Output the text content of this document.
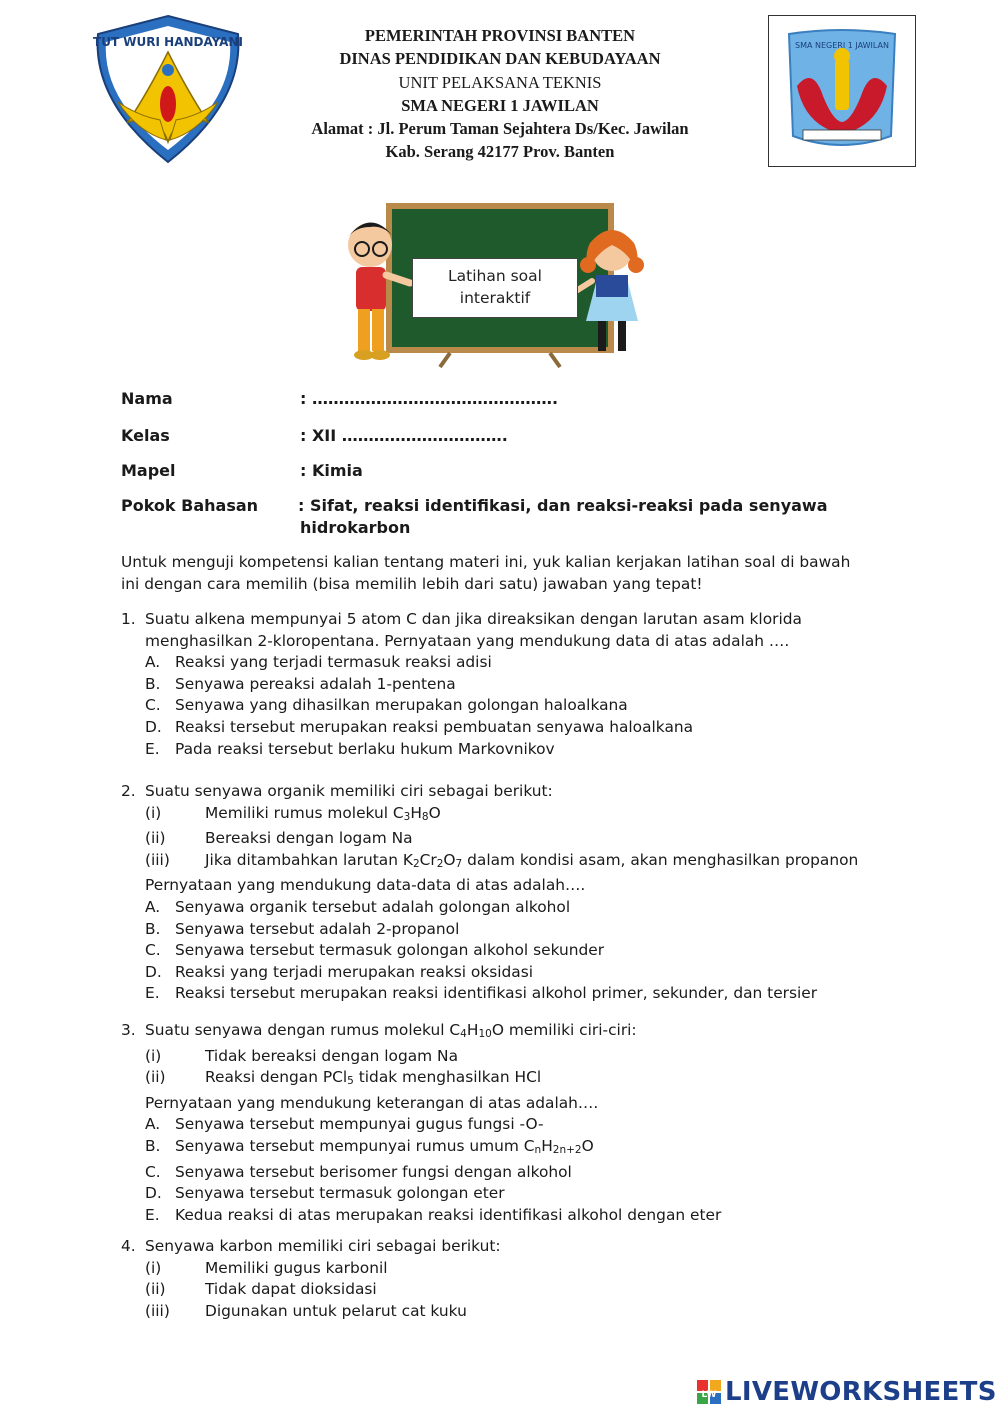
TUT WURI HANDAYANI	PEMERINTAH PROVINSI BANTEN
DINAS PENDIDIKAN DAN KEBUDAYAAN
UNIT PELAKSANA TEKNIS
SMA NEGERI 1 JAWILAN
Alamat : Jl. Perum Taman Sejahtera Ds/Kec. Jawilan
Kab. Serang 42177 Prov. Banten
SMA NEGERI 1 JAWILAN
Latihan soal
interaktif
Nama	: ……………………………………….
Kelas	: XII ………………………….
Mapel	: Kimia
Pokok Bahasan : Sifat, reaksi identifikasi, dan reaksi-reaksi pada senyawa
hidrokarbon
Untuk menguji kompetensi kalian tentang materi ini, yuk kalian kerjakan latihan soal di bawah
ini dengan cara memilih (bisa memilih lebih dari satu) jawaban yang tepat!
1. Suatu alkena mempunyai 5 atom C dan jika direaksikan dengan larutan asam klorida
menghasilkan 2-kloropentana. Pernyataan yang mendukung data di atas adalah ….
A. Reaksi yang terjadi termasuk reaksi adisi
B. Senyawa pereaksi adalah 1-pentena
C. Senyawa yang dihasilkan merupakan golongan haloalkana
D. Reaksi tersebut merupakan reaksi pembuatan senyawa haloalkana
E. Pada reaksi tersebut berlaku hukum Markovnikov
2. Suatu senyawa organik memiliki ciri sebagai berikut:
(i)	Memiliki rumus molekul $C_3H_8O$
(ii)	Bereaksi dengan logam Na
(iii)	Jika ditambahkan larutan $K_2Cr_2O_7$ dalam kondisi asam, akan menghasilkan propanon
Pernyataan yang mendukung data-data di atas adalah….
A. Senyawa organik tersebut adalah golongan alkohol
B. Senyawa tersebut adalah 2-propanol
C. Senyawa tersebut termasuk golongan alkohol sekunder
D. Reaksi yang terjadi merupakan reaksi oksidasi
E. Reaksi tersebut merupakan reaksi identifikasi alkohol primer, sekunder, dan tersier
3. Suatu senyawa dengan rumus molekul $C_4H_{10}O$ memiliki ciri-ciri:
(i)	Tidak bereaksi dengan logam Na
(ii)	Reaksi dengan PCl$_5$ tidak menghasilkan HCl
Pernyataan yang mendukung keterangan di atas adalah….
A. Senyawa tersebut mempunyai gugus fungsi -O-
B. Senyawa tersebut mempunyai rumus umum $C_nH_{2n+2}O$
C. Senyawa tersebut berisomer fungsi dengan alkohol
D. Senyawa tersebut termasuk golongan eter
E. Kedua reaksi di atas merupakan reaksi identifikasi alkohol dengan eter
4. Senyawa karbon memiliki ciri sebagai berikut:
(i)	Memiliki gugus karbonil
(ii)	Tidak dapat dioksidasi
(iii)	Digunakan untuk pelarut cat kuku
LW LIVEWORKSHEETS
